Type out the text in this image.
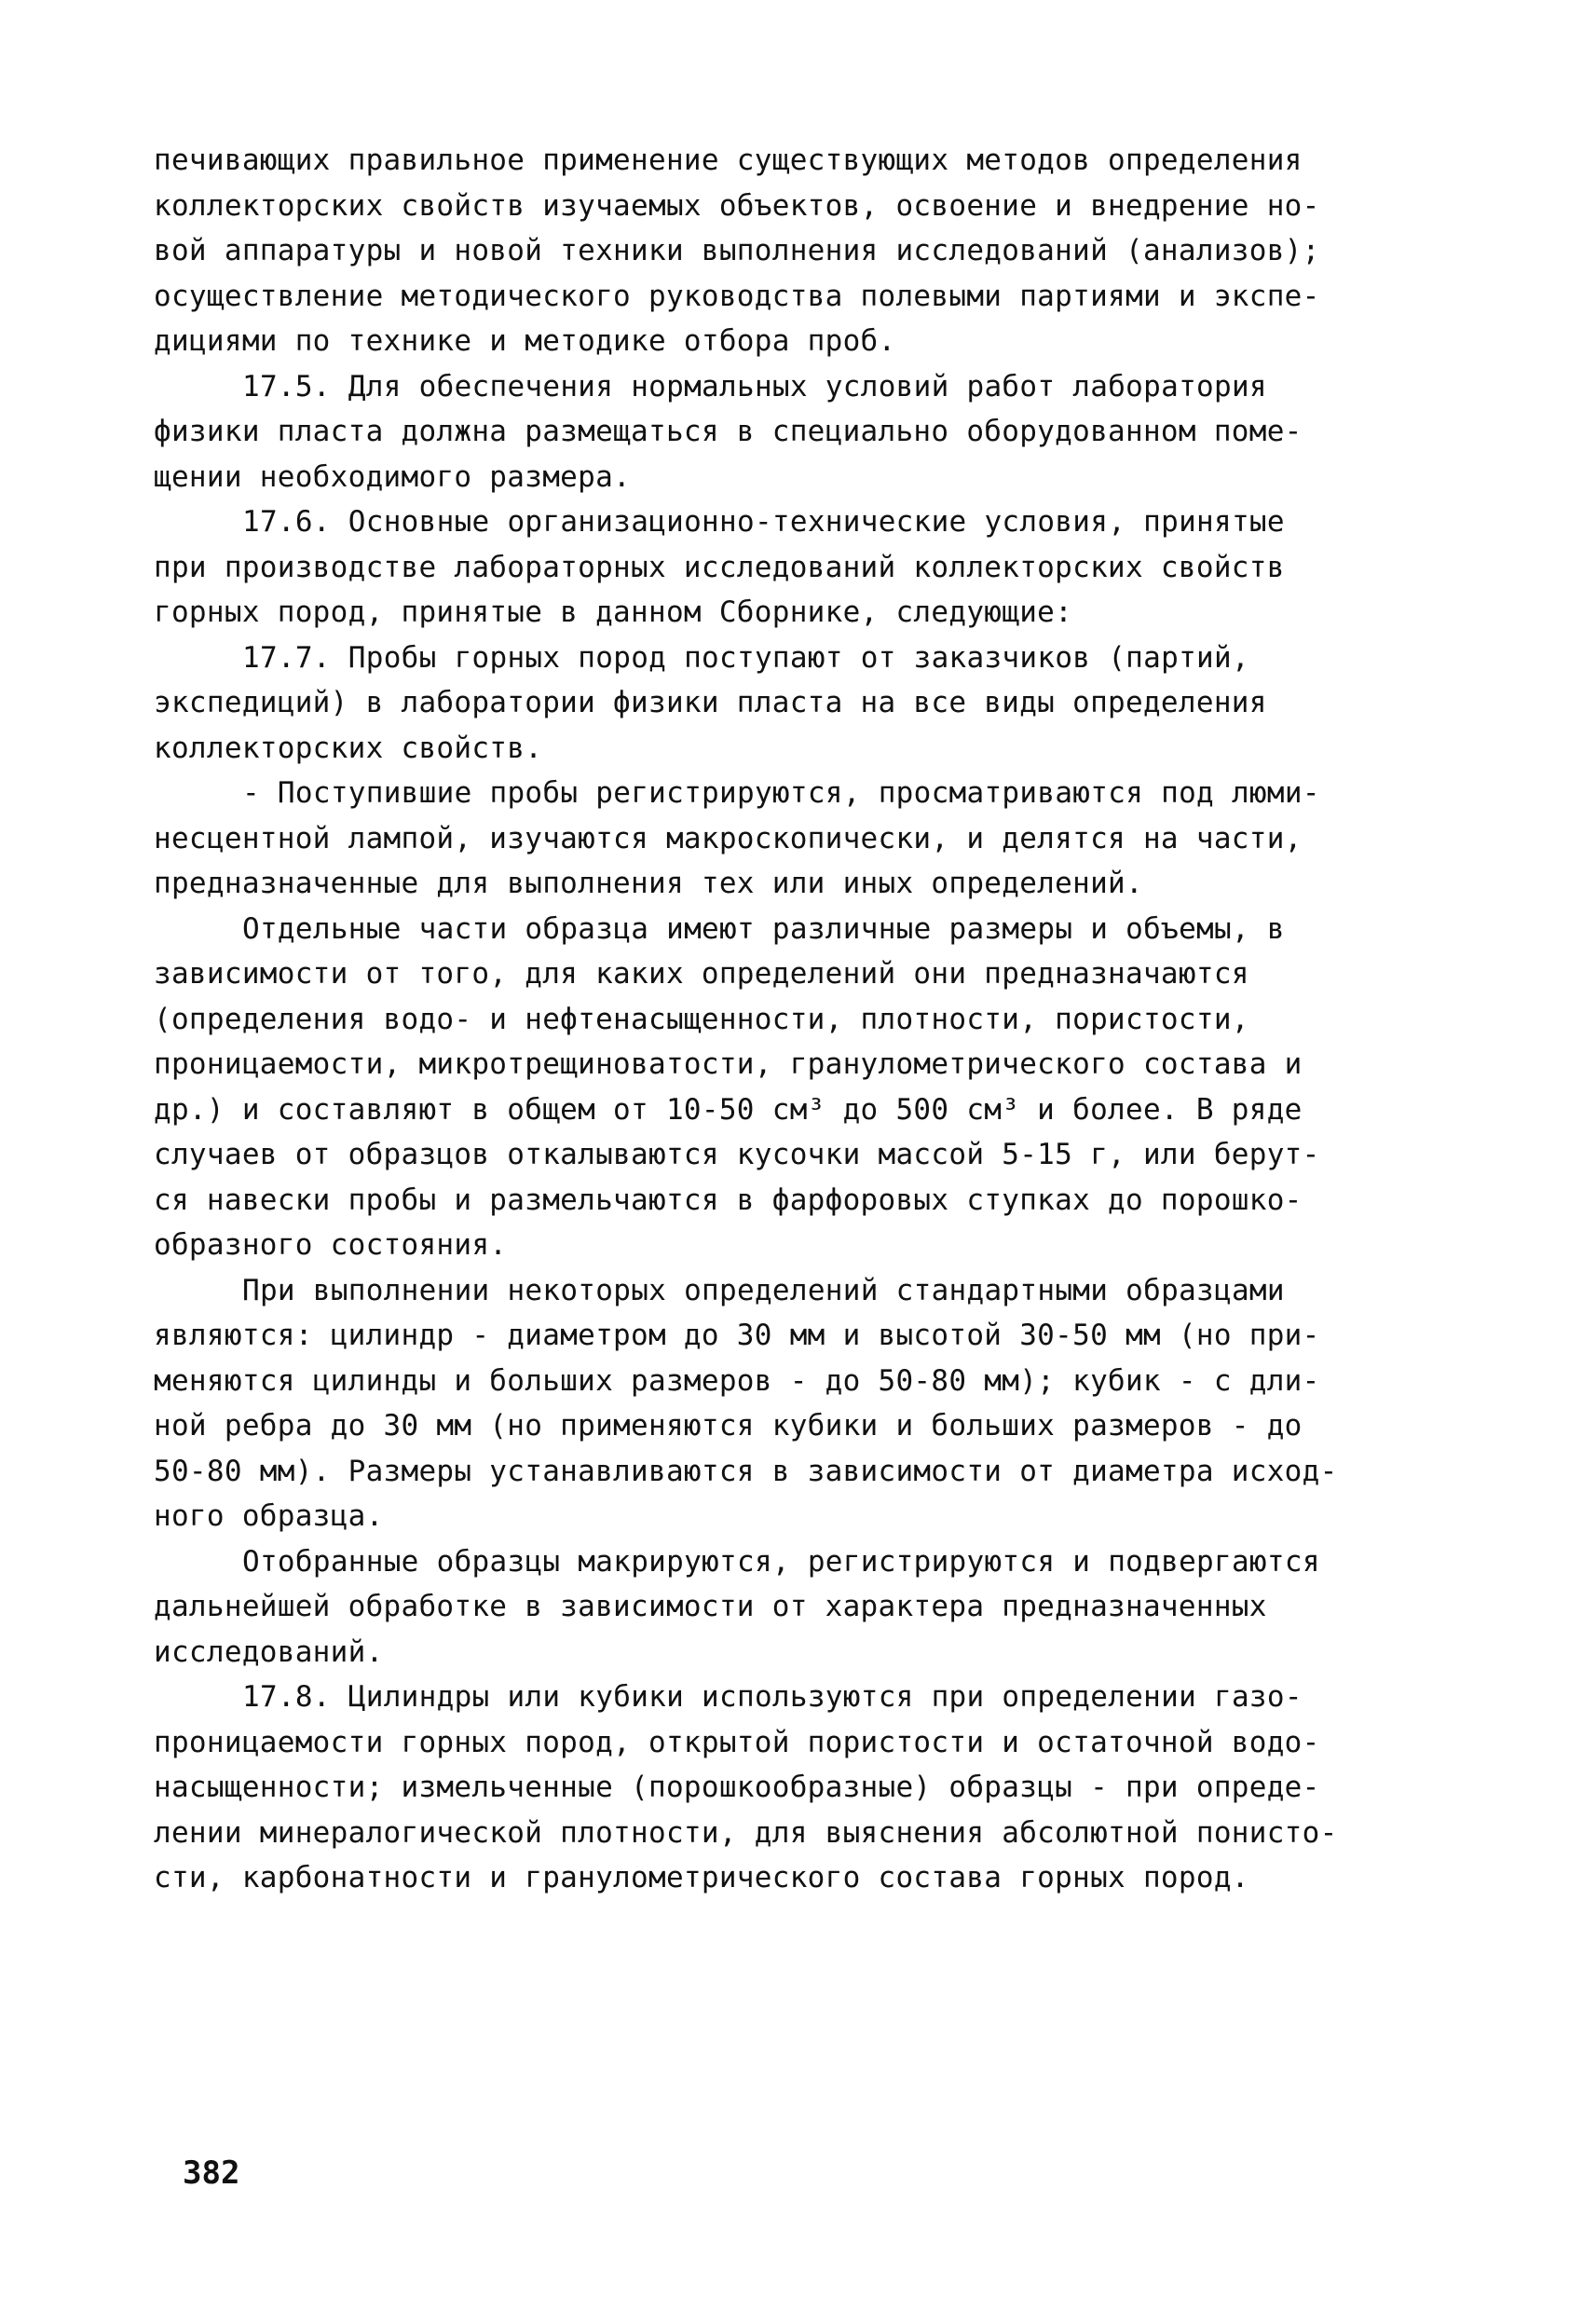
печивающих правильное применение существующих методов определения
коллекторских свойств изучаемых объектов, освоение и внедрение но-
вой аппаратуры и новой техники выполнения исследований (анализов);
осуществление методического руководства полевыми партиями и экспе-
дициями по технике и методике отбора проб.
17.5. Для обеспечения нормальных условий работ лаборатория
физики пласта должна размещаться в специально оборудованном поме-
щении необходимого размера.
17.6. Основные организационно-технические условия, принятые
при производстве лабораторных исследований коллекторских свойств
горных пород, принятые в данном Сборнике, следующие:
17.7. Пробы горных пород поступают от заказчиков (партий,
экспедиций) в лаборатории физики пласта на все виды определения
коллекторских свойств.
- Поступившие пробы регистрируются, просматриваются под люми-
несцентной лампой, изучаются макроскопически, и делятся на части,
предназначенные для выполнения тех или иных определений.
Отдельные части образца имеют различные размеры и объемы, в
зависимости от того, для каких определений они предназначаются
(определения водо- и нефтенасыщенности, плотности, пористости,
проницаемости, микротрещиноватости, гранулометрического состава и
др.) и составляют в общем от 10-50 см³ до 500 см³ и более. В ряде
случаев от образцов откалываются кусочки массой 5-15 г, или берут-
ся навески пробы и размельчаются в фарфоровых ступках до порошко-
образного состояния.
При выполнении некоторых определений стандартными образцами
являются: цилиндр - диаметром до 30 мм и высотой 30-50 мм (но при-
меняются цилинды и больших размеров - до 50-80 мм); кубик - с дли-
ной ребра до 30 мм (но применяются кубики и больших размеров - до
50-80 мм). Размеры устанавливаются в зависимости от диаметра исход-
ного образца.
Отобранные образцы макрируются, регистрируются и подвергаются
дальнейшей обработке в зависимости от характера предназначенных
исследований.
17.8. Цилиндры или кубики используются при определении газо-
проницаемости горных пород, открытой пористости и остаточной водо-
насыщенности; измельченные (порошкообразные) образцы - при опреде-
лении минералогической плотности, для выяснения абсолютной понисто-
сти, карбонатности и гранулометрического состава горных пород.
382
